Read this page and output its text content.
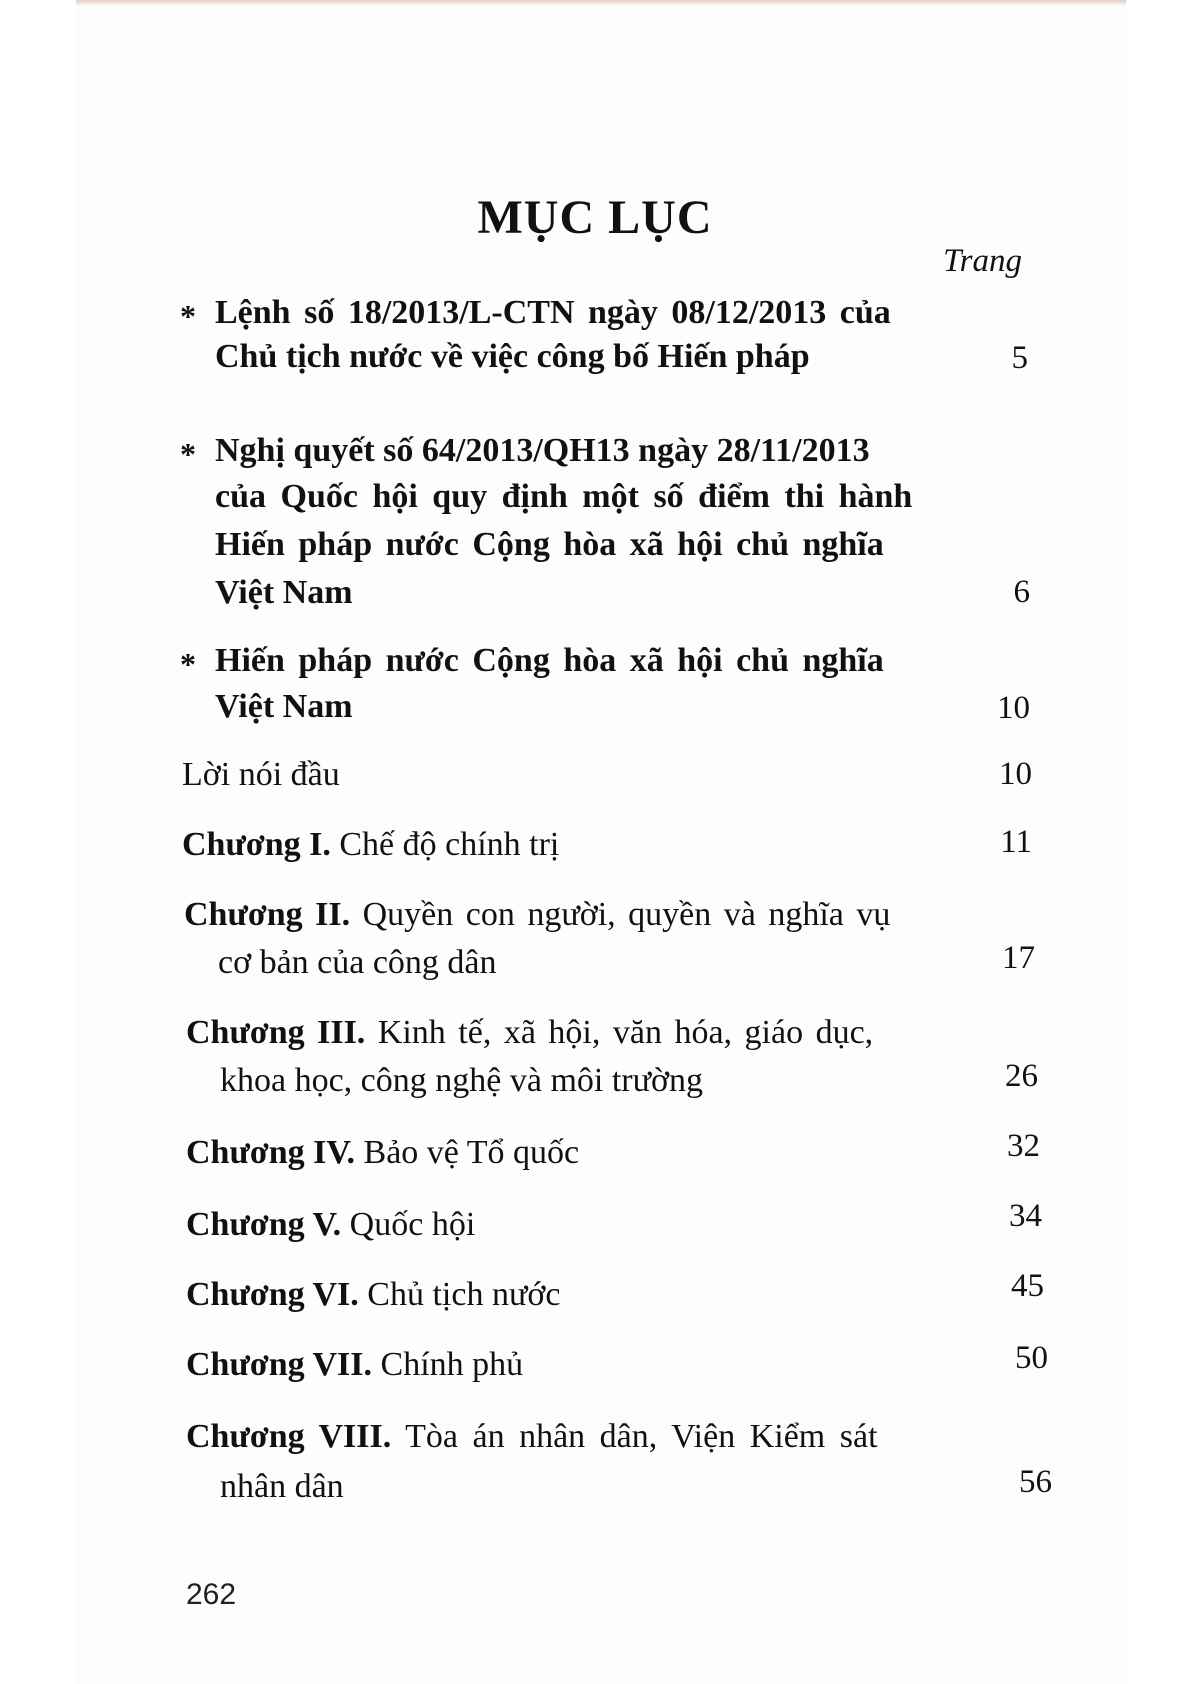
MỤC LỤC
Trang
* Lệnh số 18/2013/L-CTN ngày 08/12/2013 của
Chủ tịch nước về việc công bố Hiến pháp	5
* Nghị quyết số 64/2013/QH13 ngày 28/11/2013
của Quốc hội quy định một số điểm thi hành
Hiến pháp nước Cộng hòa xã hội chủ nghĩa
Việt Nam	6
* Hiến pháp nước Cộng hòa xã hội chủ nghĩa
Việt Nam	10
Lời nói đầu	10
Chương I. Chế độ chính trị	11
Chương II. Quyền con người, quyền và nghĩa vụ
cơ bản của công dân	17
Chương III. Kinh tế, xã hội, văn hóa, giáo dục,
khoa học, công nghệ và môi trường	26
Chương IV. Bảo vệ Tổ quốc	32
Chương V. Quốc hội	34
Chương VI. Chủ tịch nước	45
Chương VII. Chính phủ	50
Chương VIII. Tòa án nhân dân, Viện Kiểm sát
nhân dân	56
262
